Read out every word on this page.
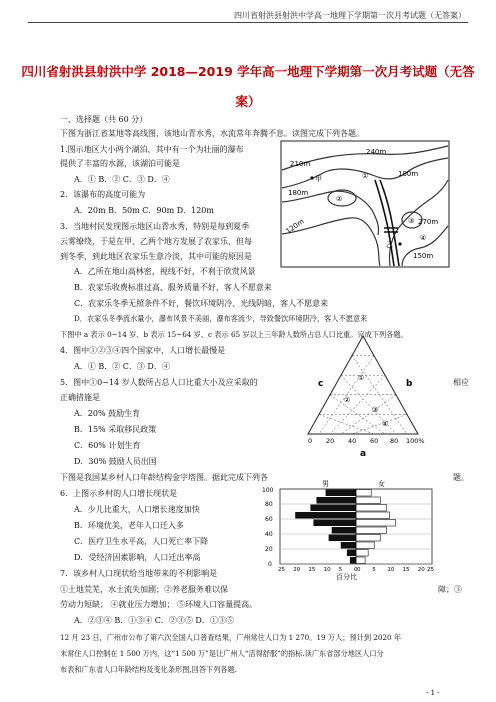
四川省射洪县射洪中学高一地理下学期第一次月考试题（无答案）
四川省射洪县射洪中学 2018—2019 学年高一地理下学期第一次月考试题（无答
案）
一、选择题（共 60 分）
下图为浙江省某地等高线图，该地山青水秀，水流常年奔腾不息。读图完成下列各题。
1.图示地区大小两个湖泊，其中有一个为壮丽的瀑布
提供了丰富的水源，该湖泊可能是
A．① B．② C．③ D．④
2．该瀑布的高度可能为
A．20m B．50m C．90m D．120m
3．当地村民发现图示地区山青水秀，特别是每到夏季
云雾缭绕，于是在甲、乙两个地方发展了农家乐，但每
到冬季，到此地区农家乐生意冷淡，其中可能的原因是
A．乙所在地山高林密，视线不好，不利于欣赏风景
B．农家乐收费标准过高、服务质量不好，客人不愿意来
C．农家乐冬季无照条件不好，餐饮环境阴冷、光线阴暗，客人不愿意来
D．农家乐冬季流水量小，瀑布风景不美丽，瀑布客流少，导致餐饮环境阴冷，客人不愿意来
下图中 a 表示 0~14 岁、b 表示 15~64 岁、c 表示 65 岁以上三年龄人数所占总人口比重。完成下列各题。
4．图中①②③④四个国家中，人口增长最慢是
A．① B．② C．③ D．④
5．图中①0~14 岁人数所占总人口比重大小及应采取的	相应
正确措施是
A．20% 鼓励生育
B．15% 采取移民政策
C．60% 计划生育
D．30% 鼓励人员出国
下图是我国某乡村人口年龄结构金字塔图。据此完成下列各	题。
6．上图示乡村的人口增长现状是
A．少儿比重大，人口增长速度加快
B．环境优美，老年人口迁入多
C．医疗卫生水平高，人口死亡率下降
D．受经济因素影响，人口迁出率高
7．该乡村人口现状给当地带来的不利影响是
①土地荒芜，水土流失加剧；②养老服务难以保	障；③
劳动力短缺； ④就业压力增加； ⑤环境人口容量提高。
A．②③④ B．①③④ C．②③⑤ D．①③⑤
12 月 23 日，广州市公布了第六次全国人口普查结果，广州常住人口为 1 270。19 万人；预计到 2020 年
末常住人口控制在 1 500 万内，这“1 500 万”是让广州人“活得舒服”的指标.读广东省部分地区人口分
布表和广东省人口年龄结构及变化条形图,回答下列各题.
- 1 -
240m
210m
180m
120m
180m
270m
150m
甲
乙
①
②
③
④
0 20 40 60 80 100%
a
b
c
①
②
③
④
25 20 15 10 5 0 0 5 10 15 20 25
男	女
100
80
60
40
20
0
百分比
